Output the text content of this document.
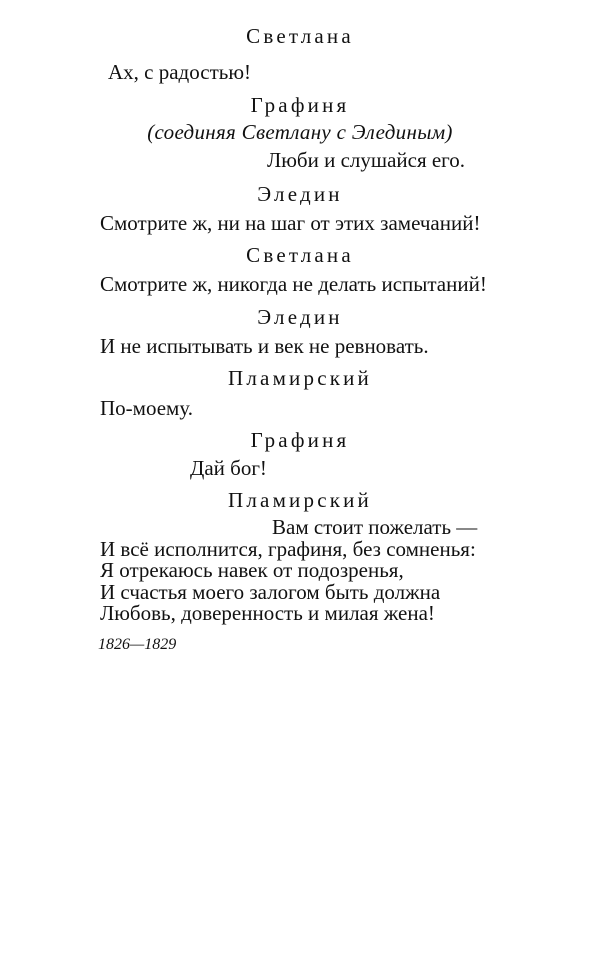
Светлана
Ах, с радостью!
Графиня
(соединяя Светлану с Элединым)
Люби и слушайся его.
Эледин
Смотрите ж, ни на шаг от этих замечаний!
Светлана
Смотрите ж, никогда не делать испытаний!
Эледин
И не испытывать и век не ревновать.
Пламирский
По-моему.
Графиня
Дай бог!
Пламирский
Вам стоит пожелать —
И всё исполнится, графиня, без сомненья:
Я отрекаюсь навек от подозренья,
И счастья моего залогом быть должна
Любовь, доверенность и милая жена!
1826—1829
